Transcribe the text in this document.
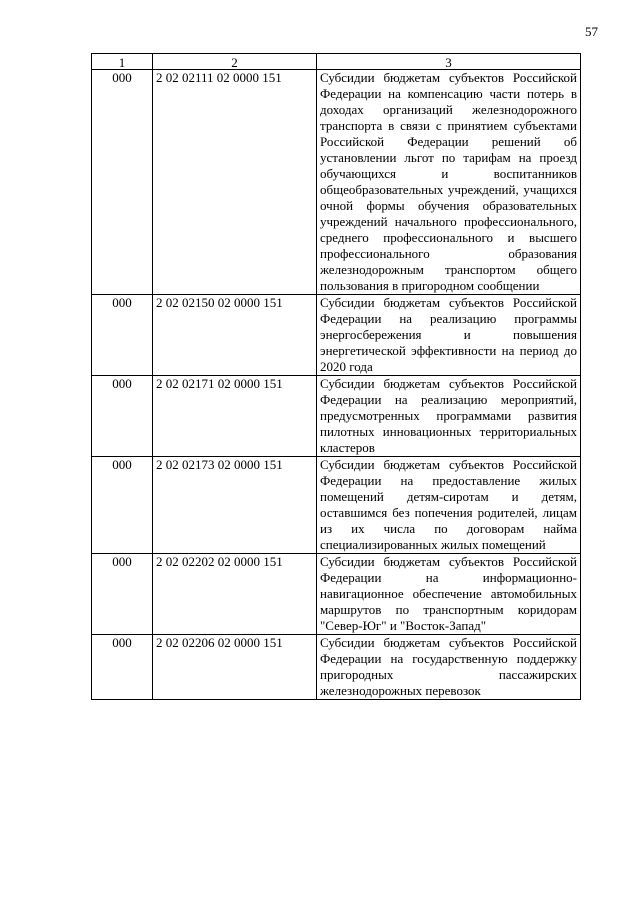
57
1	2	3
000	2 02 02111 02 0000 151	Субсидии бюджетам субъектов Российской Федерации на компенсацию части потерь в доходах организаций железнодорожного транспорта в связи с принятием субъектами Российской Федерации решений об установлении льгот по тарифам на проезд обучающихся и воспитанников общеобразовательных учреждений, учащихся очной формы обучения образовательных учреждений начального профессионального, среднего профессионального и высшего профессионального образования железнодорожным транспортом общего пользования в пригородном сообщении
000	2 02 02150 02 0000 151	Субсидии бюджетам субъектов Российской Федерации на реализацию программы энергосбережения и повышения энергетической эффективности на период до 2020 года
000	2 02 02171 02 0000 151	Субсидии бюджетам субъектов Российской Федерации на реализацию мероприятий, предусмотренных программами развития пилотных инновационных территориальных кластеров
000	2 02 02173 02 0000 151	Субсидии бюджетам субъектов Российской Федерации на предоставление жилых помещений детям-сиротам и детям, оставшимся без попечения родителей, лицам из их числа по договорам найма специализированных жилых помещений
000	2 02 02202 02 0000 151	Субсидии бюджетам субъектов Российской Федерации на информационно-навигационное обеспечение автомобильных маршрутов по транспортным коридорам "Север-Юг" и "Восток-Запад"
000	2 02 02206 02 0000 151	Субсидии бюджетам субъектов Российской Федерации на государственную поддержку пригородных пассажирских железнодорожных перевозок
